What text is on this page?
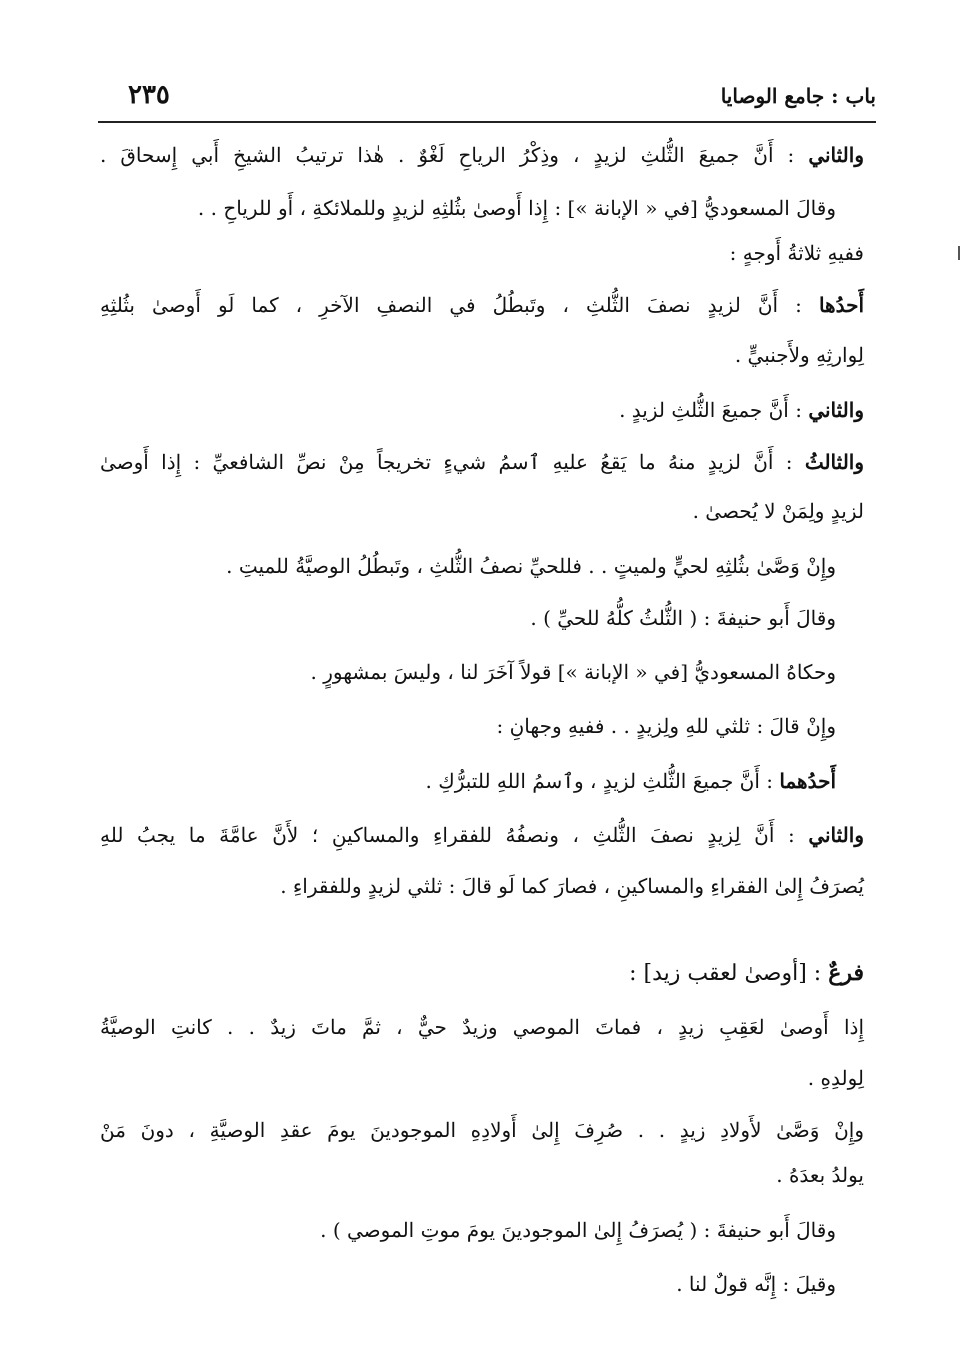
باب : جامع الوصايا
٢٣٥
والثاني : أَنَّ جميعَ الثُّلثِ لزيدٍ ، وذِكْرُ الرياحِ لَغْوٌ . هٰذا ترتيبُ الشيخِ أَبي إِسحاقَ .
وقالَ المسعوديُّ [في « الإبانة »] : إِذا أَوصىٰ بثُلثِهِ لزيدٍ وللملائكةِ ، أَو للرياحِ . .
ففيهِ ثلاثةُ أَوجهٍ :
أَحدُها : أَنَّ لزيدٍ نصفَ الثُّلثِ ، وتَبطُلُ في النصفِ الآخرِ ، كما لَو أَوصىٰ بثُلثِهِ
لِوارثِهِ ولأَجنبيٍّ .
والثاني : أَنَّ جميعَ الثُّلثِ لزيدٍ .
والثالثُ : أَنَّ لزيدٍ منهُ ما يَقعُ عليهِ ٱسمُ شيءٍ تخريجاً مِنْ نصِّ الشافعيِّ : إِذا أَوصىٰ
لزيدٍ ولِمَنْ لا يُحصىٰ .
وإِنْ وَصَّىٰ بثُلثِهِ لحيٍّ ولميتٍ . . فللحيِّ نصفُ الثُّلثِ ، وتَبطُلُ الوصيَّةُ للميتِ .
وقالَ أَبو حنيفةَ : ( الثُّلثُ كلُّهُ للحيِّ ) .
وحكاهُ المسعوديُّ [في « الإبانة »] قولاً آخَرَ لنا ، وليسَ بمشهورٍ .
وإِنْ قالَ : ثلثي للهِ ولِزيدٍ . . ففيهِ وجهانِ :
أَحدُهما : أَنَّ جميعَ الثُّلثِ لزيدٍ ، وٱسمُ اللهِ للتبرُّكِ .
والثاني : أَنَّ لِزيدٍ نصفَ الثُّلثِ ، ونصفُهُ للفقراءِ والمساكينِ ؛ لأَنَّ عامَّةَ ما يجبُ للهِ
يُصرَفُ إِلىٰ الفقراءِ والمساكينِ ، فصارَ كما لَو قالَ : ثلثي لزيدٍ وللفقراءِ .
فرعٌ : [أوصىٰ لعقب زيد] :
إِذا أَوصىٰ لعَقِبِ زيدٍ ، فماتَ الموصي وزيدٌ حيٌّ ، ثمَّ ماتَ زيدٌ . . كانتِ الوصيَّةُ
لِولدِهِ .
وإِنْ وَصَّىٰ لأَولادِ زيدٍ . . صُرِفَ إِلىٰ أَولادِهِ الموجودينَ يومَ عقدِ الوصيَّةِ ، دونَ مَنْ
يولدُ بعدَهُ .
وقالَ أَبو حنيفةَ : ( يُصرَفُ إِلىٰ الموجودينَ يومَ موتِ الموصي ) .
وقيلَ : إِنَّه قولٌ لنا .
